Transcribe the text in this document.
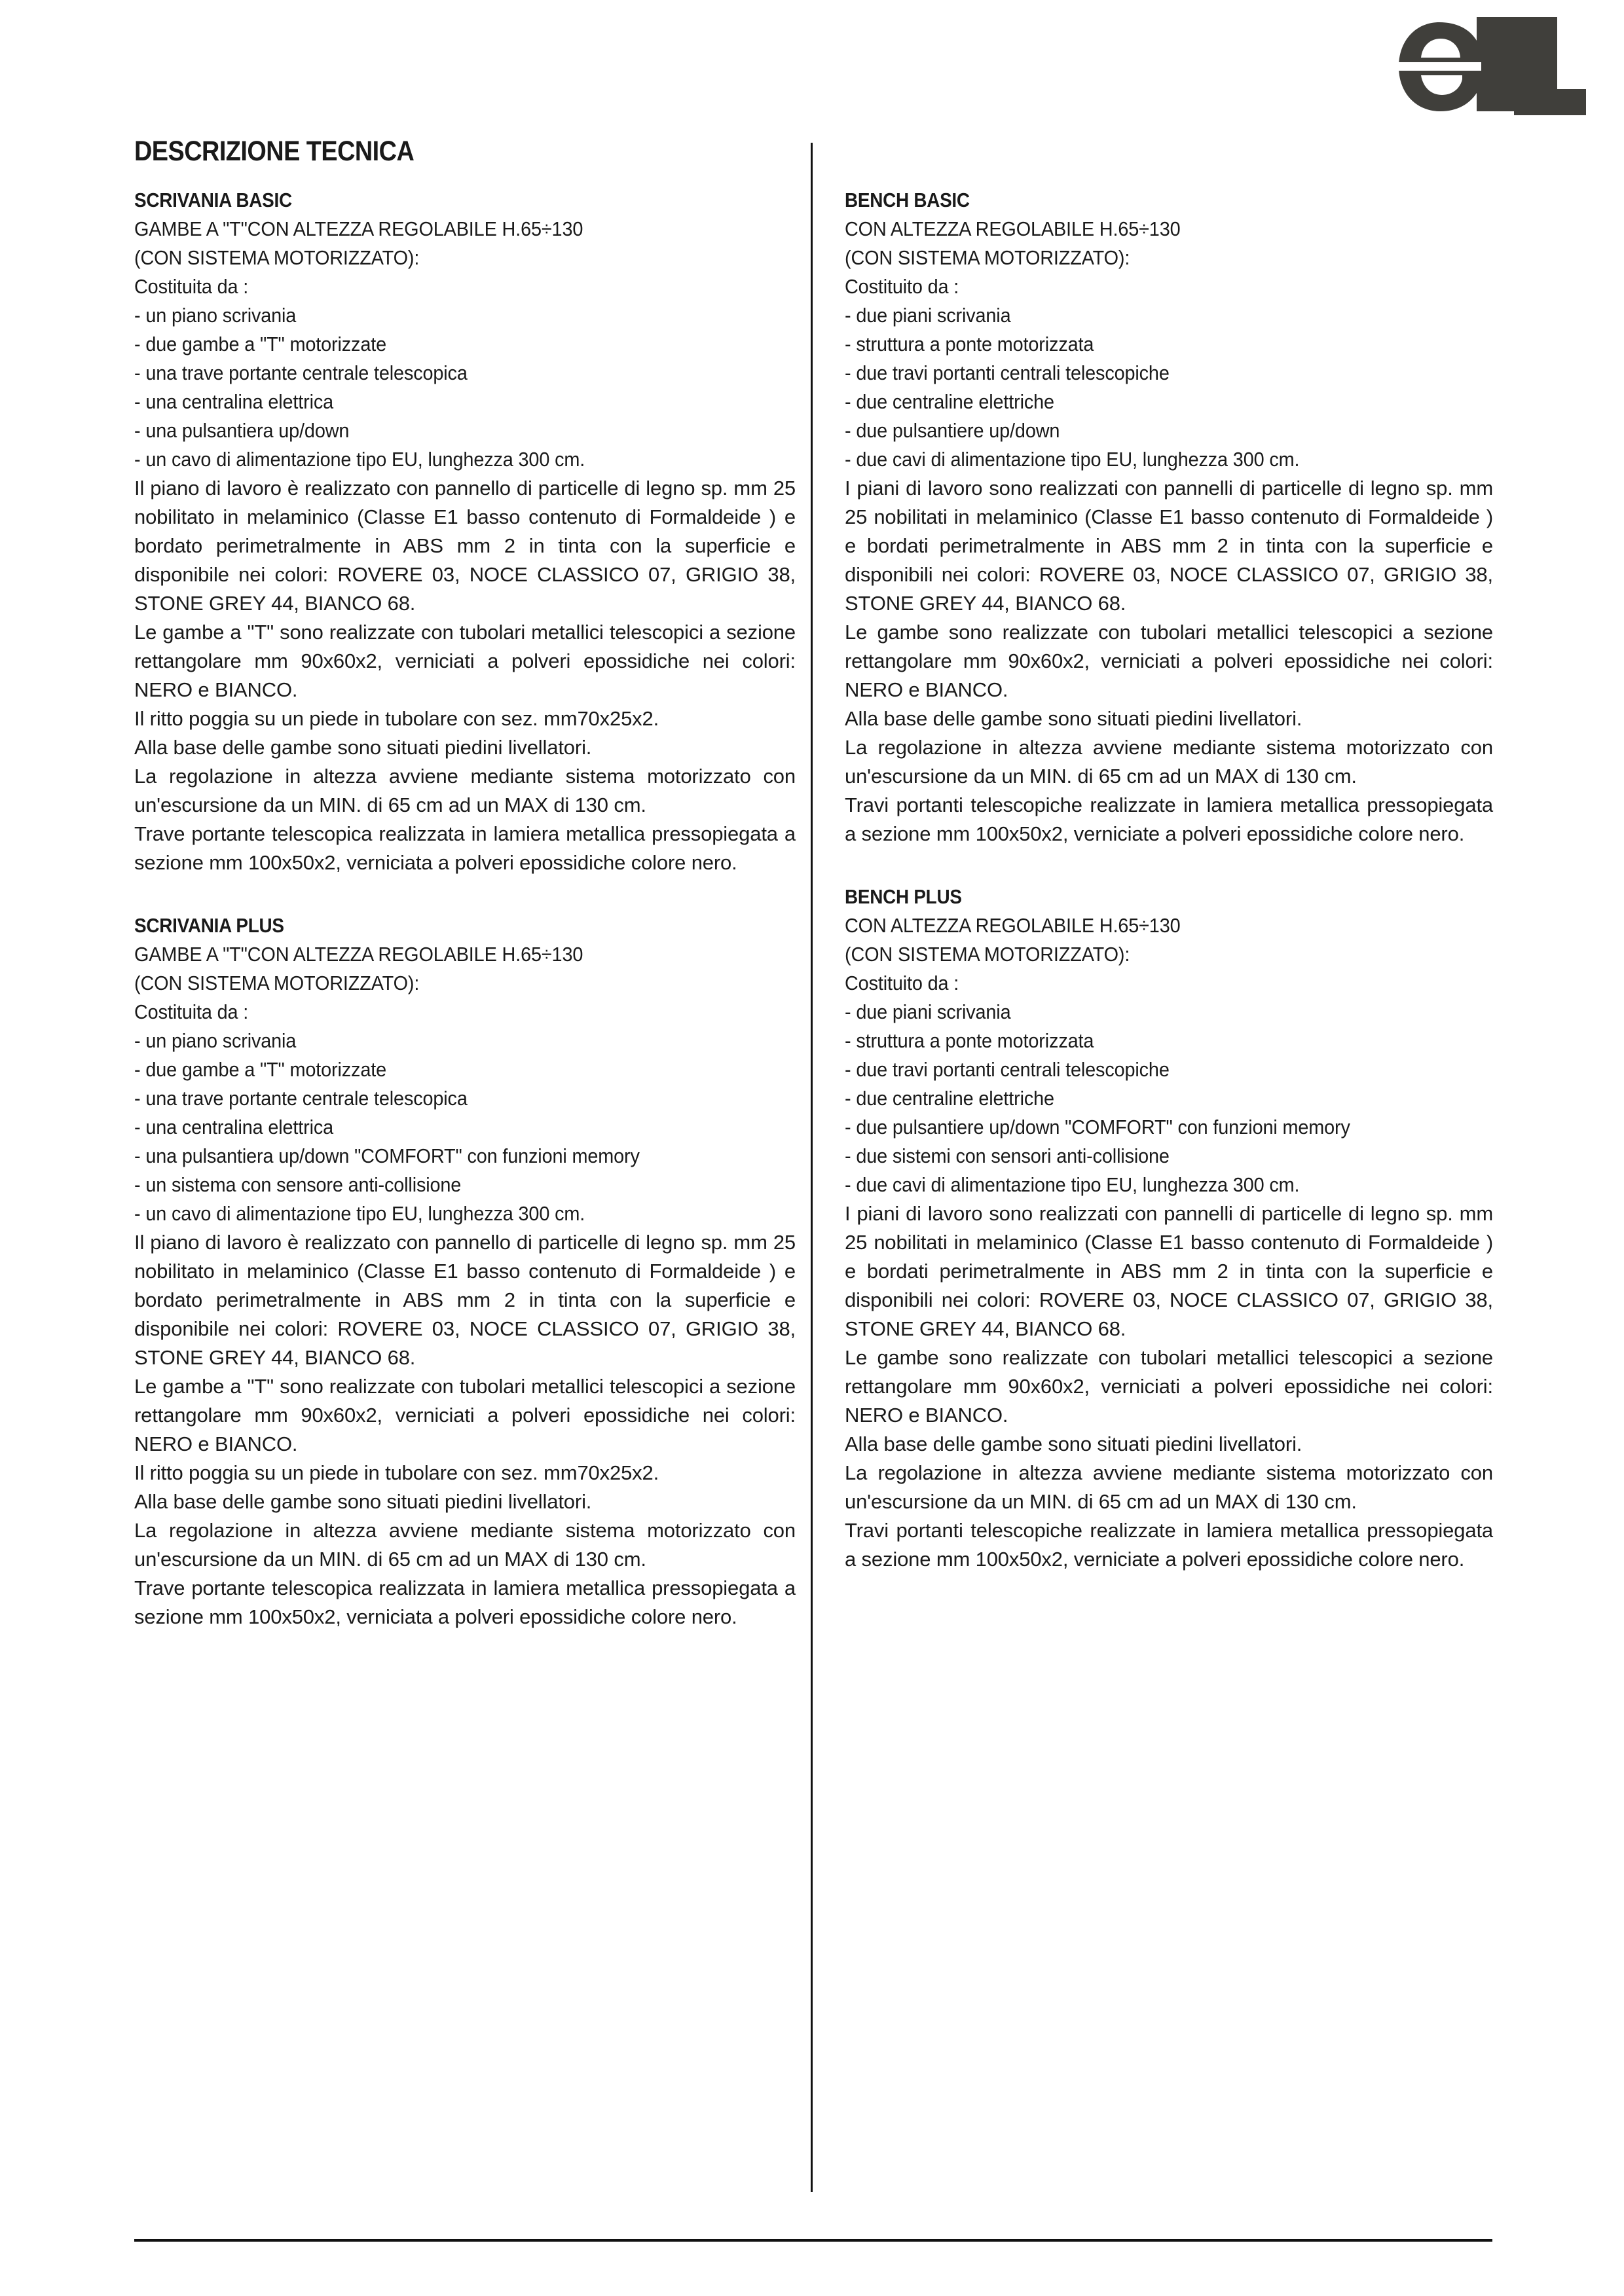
DESCRIZIONE TECNICA
SCRIVANIA BASIC
GAMBE A "T"CON ALTEZZA REGOLABILE H.65÷130
(CON SISTEMA MOTORIZZATO):
Costituita da :
- un piano scrivania
- due gambe a "T" motorizzate
- una trave portante centrale telescopica
- una centralina elettrica
- una pulsantiera up/down
- un cavo di alimentazione tipo EU, lunghezza 300 cm.

Il piano di lavoro è realizzato con pannello di particelle di legno sp. mm 25 nobilitato in melaminico (Classe E1 basso contenuto di Formaldeide ) e bordato perimetralmente in ABS mm 2 in tinta con la superficie e disponibile nei colori: ROVERE 03, NOCE CLASSICO 07, GRIGIO 38, STONE GREY 44, BIANCO 68.

Le gambe a "T" sono realizzate con tubolari metallici telescopici a sezione rettangolare mm 90x60x2, verniciati a polveri epossidiche nei colori: NERO e BIANCO.

Il ritto poggia su un piede in tubolare con sez. mm70x25x2.

Alla base delle gambe sono situati piedini livellatori.

La regolazione in altezza avviene mediante sistema motorizzato con un'escursione da un MIN. di 65 cm ad un MAX di 130 cm.

Trave portante telescopica realizzata in lamiera metallica pressopiegata a sezione mm 100x50x2, verniciata a polveri epossidiche colore nero.

SCRIVANIA PLUS
GAMBE A "T"CON ALTEZZA REGOLABILE H.65÷130
(CON SISTEMA MOTORIZZATO):
Costituita da :
- un piano scrivania
- due gambe a "T" motorizzate
- una trave portante centrale telescopica
- una centralina elettrica
- una pulsantiera up/down "COMFORT" con funzioni memory
- un sistema con sensore anti-collisione
- un cavo di alimentazione tipo EU, lunghezza 300 cm.

Il piano di lavoro è realizzato con pannello di particelle di legno sp. mm 25 nobilitato in melaminico (Classe E1 basso contenuto di Formaldeide ) e bordato perimetralmente in ABS mm 2 in tinta con la superficie e disponibile nei colori: ROVERE 03, NOCE CLASSICO 07, GRIGIO 38, STONE GREY 44, BIANCO 68.

Le gambe a "T" sono realizzate con tubolari metallici telescopici a sezione rettangolare mm 90x60x2, verniciati a polveri epossidiche nei colori: NERO e BIANCO.

Il ritto poggia su un piede in tubolare con sez. mm70x25x2.

Alla base delle gambe sono situati piedini livellatori.

La regolazione in altezza avviene mediante sistema motorizzato con un'escursione da un MIN. di 65 cm ad un MAX di 130 cm.

Trave portante telescopica realizzata in lamiera metallica pressopiegata a sezione mm 100x50x2, verniciata a polveri epossidiche colore nero.

BENCH BASIC
CON ALTEZZA REGOLABILE H.65÷130
(CON SISTEMA MOTORIZZATO):
Costituito da :
- due piani scrivania
- struttura a ponte motorizzata
- due travi portanti centrali telescopiche
- due centraline elettriche
- due pulsantiere up/down
- due cavi di alimentazione tipo EU, lunghezza 300 cm.

I piani di lavoro sono realizzati con pannelli di particelle di legno sp. mm 25 nobilitati in melaminico (Classe E1 basso contenuto di Formaldeide ) e bordati perimetralmente in ABS mm 2 in tinta con la superficie e disponibili nei colori: ROVERE 03, NOCE CLASSICO 07, GRIGIO 38, STONE GREY 44, BIANCO 68.

Le gambe sono realizzate con tubolari metallici telescopici a sezione rettangolare mm 90x60x2, verniciati a polveri epossidiche nei colori: NERO e BIANCO.

Alla base delle gambe sono situati piedini livellatori.

La regolazione in altezza avviene mediante sistema motorizzato con un'escursione da un MIN. di 65 cm ad un MAX di 130 cm.

Travi portanti telescopiche realizzate in lamiera metallica pressopiegata a sezione mm 100x50x2, verniciate a polveri epossidiche colore nero.

BENCH PLUS
CON ALTEZZA REGOLABILE H.65÷130
(CON SISTEMA MOTORIZZATO):
Costituito da :
- due piani scrivania
- struttura a ponte motorizzata
- due travi portanti centrali telescopiche
- due centraline elettriche
- due pulsantiere up/down "COMFORT" con funzioni memory
- due sistemi con sensori anti-collisione
- due cavi di alimentazione tipo EU, lunghezza 300 cm.

I piani di lavoro sono realizzati con pannelli di particelle di legno sp. mm 25 nobilitati in melaminico (Classe E1 basso contenuto di Formaldeide ) e bordati perimetralmente in ABS mm 2 in tinta con la superficie e disponibili nei colori: ROVERE 03, NOCE CLASSICO 07, GRIGIO 38, STONE GREY 44, BIANCO 68.

Le gambe sono realizzate con tubolari metallici telescopici a sezione rettangolare mm 90x60x2, verniciati a polveri epossidiche nei colori: NERO e BIANCO.

Alla base delle gambe sono situati piedini livellatori.

La regolazione in altezza avviene mediante sistema motorizzato con un'escursione da un MIN. di 65 cm ad un MAX di 130 cm.

Travi portanti telescopiche realizzate in lamiera metallica pressopiegata a sezione mm 100x50x2, verniciate a polveri epossidiche colore nero.
